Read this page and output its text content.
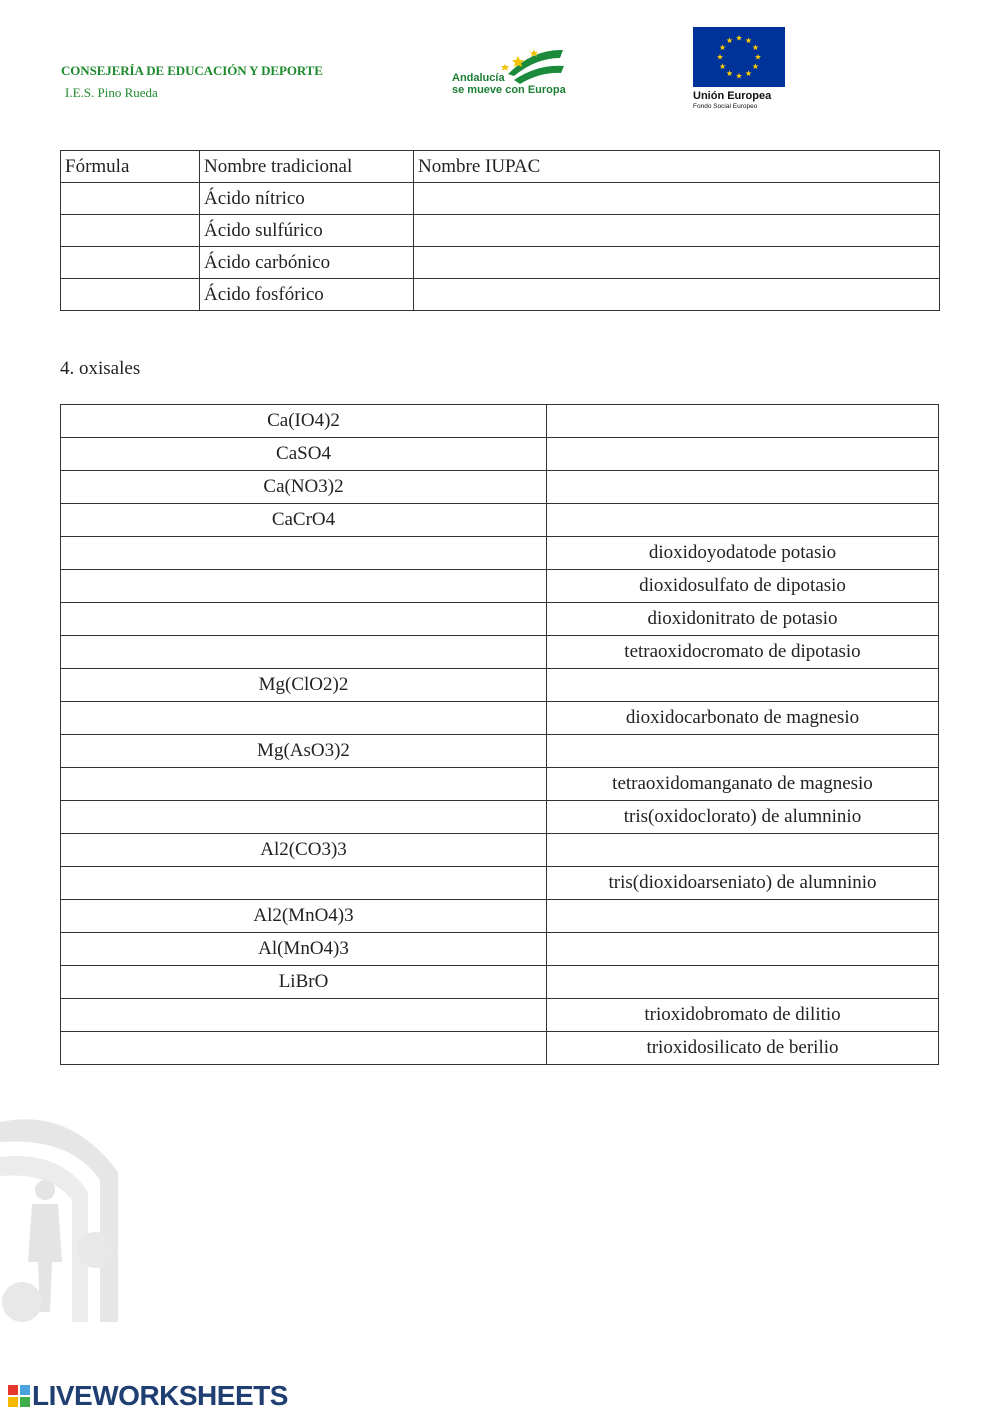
CONSEJERÍA DE EDUCACIÓN Y DEPORTE
I.E.S. Pino Rueda
Andalucía
se mueve con Europa	Unión Europea
Fondo Social Europeo
Fórmula	Nombre tradicional	Nombre IUPAC
	Ácido nítrico	
	Ácido sulfúrico	
	Ácido carbónico	
	Ácido fosfórico	
4. oxisales
Ca(IO4)2	
CaSO4	
Ca(NO3)2	
CaCrO4	
	dioxidoyodatode potasio
	dioxidosulfato de dipotasio
	dioxidonitrato de potasio
	tetraoxidocromato de dipotasio
Mg(ClO2)2	
	dioxidocarbonato de magnesio
Mg(AsO3)2	
	tetraoxidomanganato de magnesio
	tris(oxidoclorato) de alumninio
Al2(CO3)3	
	tris(dioxidoarseniato) de alumninio
Al2(MnO4)3	
Al(MnO4)3	
LiBrO	
	trioxidobromato de dilitio
	trioxidosilicato de berilio
LIVEWORKSHEETS
